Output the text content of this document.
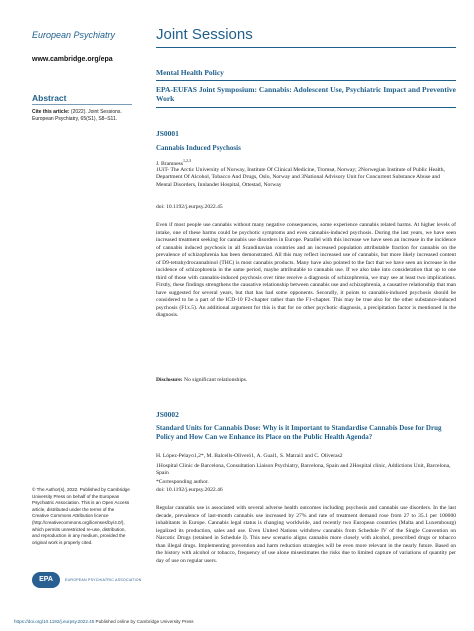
European Psychiatry
www.cambridge.org/epa
Abstract
Cite this article: (2022). Joint Sessions. European Psychiatry, 65(S1), S8–S11.
© The Author(s), 2022. Published by Cambridge University Press on behalf of the European Psychiatric Association. This is an Open Access article, distributed under the terms of the Creative Commons Attribution licence (http://creativecommons.org/licenses/by/4.0/), which permits unrestricted re-use, distribution, and reproduction in any medium, provided the original work is properly cited.
EPA	EUROPEAN PSYCHIATRIC ASSOCIATION
https://doi.org/10.1192/j.eurpsy.2022.45 Published online by Cambridge University Press
Joint Sessions
Mental Health Policy
EPA-EUFAS Joint Symposium: Cannabis: Adolescent Use, Psychiatric Impact and Preventive Work
JS0001
Cannabis Induced Psychosis
J. Bramness$^{1,2,3}$
1UiT- The Arctic University of Norway, Institute Of Clinical Medicine, Tromsø, Norway; 2Norwegian Institute of Public Health, Department Of Alcohol, Tobacco And Drugs, Oslo, Norway and 3National Advisory Unit for Concurrent Substance Abuse and Mental Disorders, Innlandet Hospital, Ottestad, Norway
doi: 10.1192/j.eurpsy.2022.45
Even if most people use cannabis without many negative consequences, some experience cannabis related harms. At higher levels of intake, one of these harms could be psychotic symptoms and even cannabis-induced psychosis. During the last years, we have seen increased treatment seeking for cannabis use disorders in Europe. Parallel with this increase we have seen an increase in the incidence of cannabis induced psychosis in all Scandinavian countries and an increased population attributable fraction for cannabis on the prevalence of schizophrenia has been demonstrated. All this may reflect increased use of cannabis, but more likely increased content of D9-tetrahydrocannabinol (THC) is most cannabis products. Many have also pointed to the fact that we have seen an increase in the incidence of schizophrenia in the same period, maybe attributable to cannabis use. If we also take into consideration that up to one third of those with cannabis-induced psychosis over time receive a diagnosis of schizophrenia, we may see at least two implications. Firstly, these findings strengthens the causative relationship between cannabis use and schizophrenia, a causative relationship that man have suggested for several years, but that has had some opponents. Secondly, it points to cannabis-induced psychosis should be considered to be a part of the ICD-10 F2-chapter rather than the F1-chapter. This may be true also for the other substance-induced psychosis (F1x.5). An additional argument for this is that for no other psychotic diagnosis, a precipitation factor is mentioned in the diagnosis.
Disclosure: No significant relationships.
JS0002
Standard Units for Cannabis Dose: Why is it Important to Standardise Cannabis Dose for Drug Policy and How Can we Enhance its Place on the Public Health Agenda?
H. López-Pelayo1,2*, M. Balcells-Oliveró1, A. Gual1, S. Matrai1 and C. Oliveras2
1Hospital Clinic de Barcelona, Consultation Liaison Psychiatry, Barcelona, Spain and 2Hospital clinic, Addictions Unit, Barcelona, Spain
*Corresponding author.
doi: 10.1192/j.eurpsy.2022.46
Regular cannabis use is associated with several adverse health outcomes including psychosis and cannabis use disorders. In the last decade, prevalence of last-month cannabis use increased by 27% and rate of treatment demand rose from 27 to 35.1 per 100000 inhabitants in Europe. Cannabis legal status is changing worldwide, and recently two European countries (Malta and Luxembourg) legalized its production, sales and use. Even United Nations withdrew cannabis from Schedule IV of the Single Convention on Narcotic Drugs (retained in Schedule I). This new scenario aligns cannabis more closely with alcohol, prescribed drugs or tobacco than illegal drugs. Implementing prevention and harm reduction strategies will be even more relevant in the nearly future. Based on the history with alcohol or tobacco, frequency of use alone misestimates the risks due to limited capture of variations of quantity per day of use on regular users.
